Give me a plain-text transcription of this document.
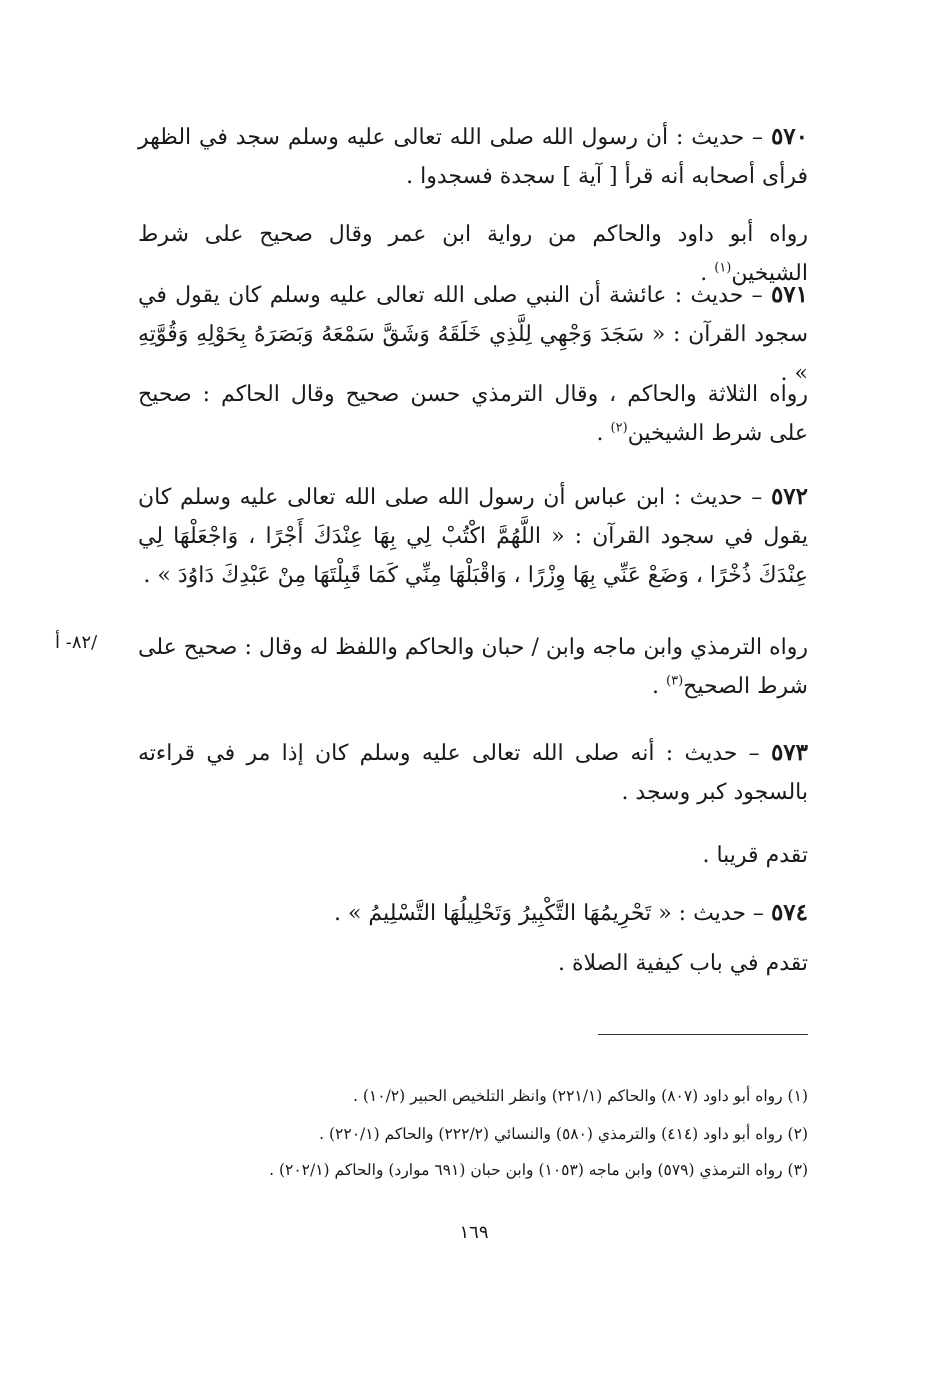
٥٧٠ – حديث : أن رسول الله صلى الله تعالى عليه وسلم سجد في الظهر فرأى أصحابه أنه قرأ [ آية ] سجدة فسجدوا .

رواه أبو داود والحاكم من رواية ابن عمر وقال صحيح على شرط الشيخين$^{(١)}$ .

٥٧١ – حديث : عائشة أن النبي صلى الله تعالى عليه وسلم كان يقول في سجود القرآن : « سَجَدَ وَجْهِي لِلَّذِي خَلَقَهُ وَشَقَّ سَمْعَهُ وَبَصَرَهُ بِحَوْلِهِ وَقُوَّتِهِ » .

رواه الثلاثة والحاكم ، وقال الترمذي حسن صحيح وقال الحاكم : صحيح على شرط الشيخين$^{(٢)}$ .

٥٧٢ – حديث : ابن عباس أن رسول الله صلى الله تعالى عليه وسلم كان يقول في سجود القرآن : « اللَّهُمَّ اكْتُبْ لِي بِهَا عِنْدَكَ أَجْرًا ، وَاجْعَلْهَا لِي عِنْدَكَ ذُخْرًا ، وَضَعْ عَنِّي بِهَا وِزْرًا ، وَاقْبَلْهَا مِنِّي كَمَا قَبِلْتَهَا مِنْ عَبْدِكَ دَاوُدَ » .

رواه الترمذي وابن ماجه وابن / حبان والحاكم واللفظ له وقال : صحيح على شرط الصحيح$^{(٣)}$ .

/٨٢- أ

٥٧٣ – حديث : أنه صلى الله تعالى عليه وسلم كان إذا مر في قراءته بالسجود كبر وسجد .

تقدم قريبا .

٥٧٤ – حديث : « تَحْرِيمُهَا التَّكْبِيرُ وَتَحْلِيلُهَا التَّسْلِيمُ » .

تقدم في باب كيفية الصلاة .

(١) رواه أبو داود (٨٠٧) والحاكم (٢٢١/١) وانظر التلخيص الحبير (١٠/٢) .

(٢) رواه أبو داود (٤١٤) والترمذي (٥٨٠) والنسائي (٢٢٢/٢) والحاكم (٢٢٠/١) .

(٣) رواه الترمذي (٥٧٩) وابن ماجه (١٠٥٣) وابن حبان (٦٩١ موارد) والحاكم (٢٠٢/١) .

١٦٩
